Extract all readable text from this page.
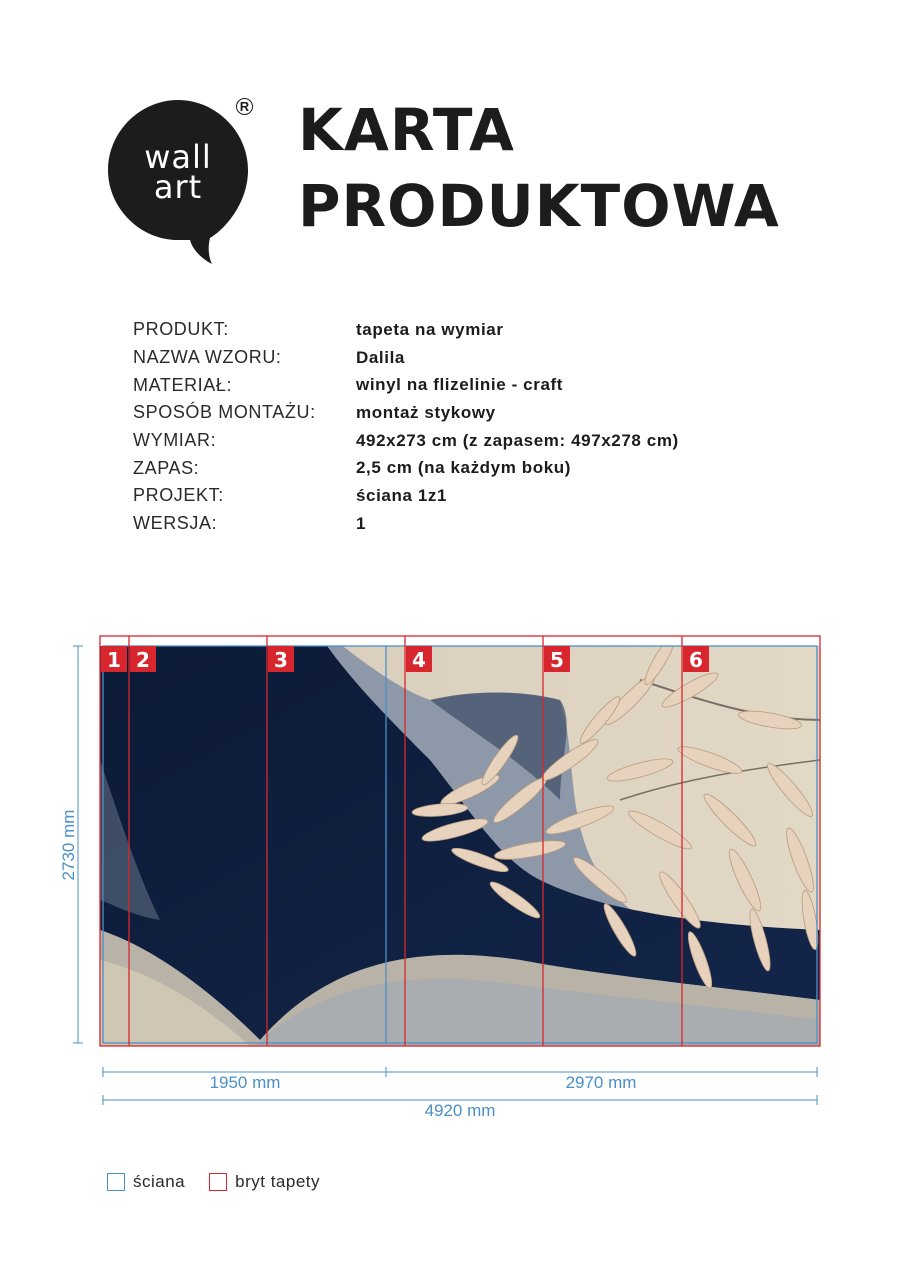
wall
art
R KARTA
PRODUKTOWA
PRODUKT:	tapeta na wymiar
NAZWA WZORU:	Dalila
MATERIAŁ:	winyl na flizelinie - craft
SPOSÓB MONTAŻU:	montaż stykowy
WYMIAR:	492x273 cm (z zapasem: 497x278 cm)
ZAPAS:	2,5 cm (na każdym boku)
PROJEKT:	ściana 1z1
WERSJA:	1
1 2	3	4	5	6
2730 mm
1950 mm	2970 mm
4920 mm
ściana	bryt tapety
